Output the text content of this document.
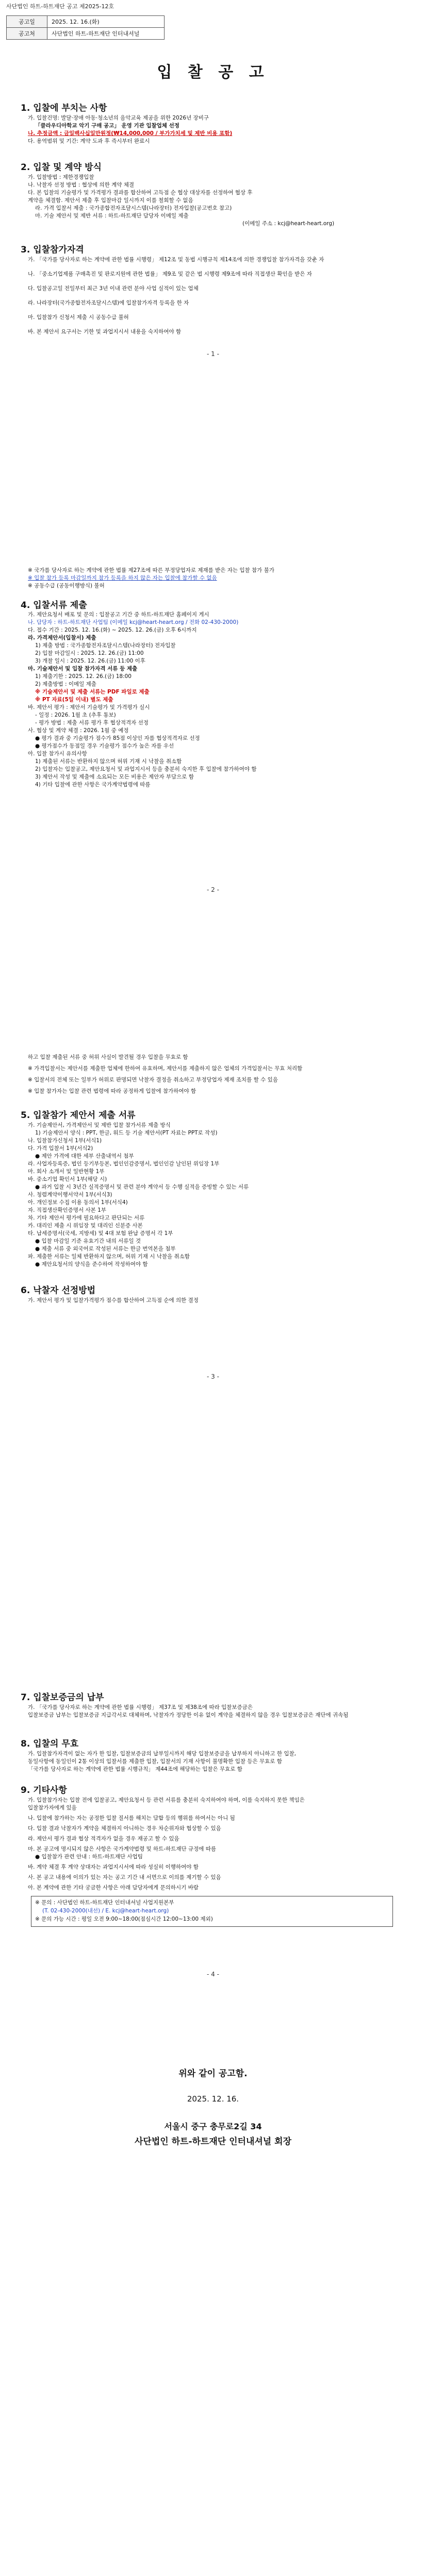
사단법인 하트-하트재단 공고 제2025-12호
공고일	2025. 12. 16.(화)
공고처	사단법인 하트-하트재단 인터내셔널
입 찰 공 고
1. 입찰에 부치는 사항
가. 입찰건명: 발달·장애 아동·청소년의 음악교육 제공을 위한 2026년 장비구
「클라우디아학교 악기 구매 공고」 운영 기관 입찰업체 선정
나. 추정금액 : 금일백사십일만원정(₩14,000,000 / 부가가치세 및 제반 비용 포함)
다. 용역범위 및 기간: 계약 도과 후 즉시부터 완료시
2. 입찰 및 계약 방식
가. 입찰방법 : 제한경쟁입찰
나. 낙찰자 선정 방법 : 협상에 의한 계약 체결
다. 본 입찰의 기술평가 및 가격평가 결과를 합산하여 고득점 순 협상 대상자를 선정하여 협상 후
계약을 체결함. 제안서 제출 후 입찰마감 일시까지 이를 철회할 수 없음
라. 가격 입찰서 제출 : 국가종합전자조달시스템(나라장터) 전자입찰(공고번호 참고)
마. 기술 제안서 및 제반 서류 : 하트-하트재단 담당자 이메일 제출
(이메일 주소 : kcj@heart-heart.org)
3. 입찰참가자격
가. 「국가를 당사자로 하는 계약에 관한 법률 시행령」 제12조 및 동법 시행규칙 제14조에 의한 경쟁입찰 참가자격을 갖춘 자
나. 「중소기업제품 구매촉진 및 판로지원에 관한 법률」 제9조 및 같은 법 시행령 제9조에 따라 직접생산 확인을 받은 자
다. 입찰공고일 전일부터 최근 3년 이내 관련 분야 사업 실적이 있는 업체
라. 나라장터(국가종합전자조달시스템)에 입찰참가자격 등록을 한 자
마. 입찰참가 신청서 제출 시 공동수급 불허
바. 본 제안서 요구서는 기한 및 과업지시서 내용을 숙지하여야 함
- 1 -
※ 국가를 당사자로 하는 계약에 관한 법률 제27조에 따른 부정당업자로 제재를 받은 자는 입찰 참가 불가
※ 입찰 참가 등록 마감일까지 참가 등록을 하지 않은 자는 입찰에 참가할 수 없음
※ 공동수급 (공동이행방식) 불허
4. 입찰서류 제출
가. 제안요청서 배포 및 문의 : 입찰공고 기간 중 하트-하트재단 홈페이지 게시
나. 담당자 : 하트-하트재단 사업팀 (이메일 kcj@heart-heart.org / 전화 02-430-2000)
다. 접수 기간 : 2025. 12. 16.(화) ~ 2025. 12. 26.(금) 오후 6시까지
라. 가격제안서(입찰서) 제출
1) 제출 방법 : 국가종합전자조달시스템(나라장터) 전자입찰
2) 입찰 마감일시 : 2025. 12. 26.(금) 11:00
3) 개찰 일시 : 2025. 12. 26.(금) 11:00 이후
마. 기술제안서 및 입찰 참가자격 서류 등 제출
1) 제출기한 : 2025. 12. 26.(금) 18:00
2) 제출방법 : 이메일 제출
※ 기술제안서 및 제출 서류는 PDF 파일로 제출
※ PT 자료(5일 이내) 별도 제출
바. 제안서 평가 : 제안서 기술평가 및 가격평가 실시
- 일정 : 2026. 1월 초 (추후 통보)
- 평가 방법 : 제출 서류 평가 후 협상적격자 선정
사. 협상 및 계약 체결 : 2026. 1월 중 예정
● 평가 결과 중 기술평가 점수가 85점 이상인 자를 협상적격자로 선정
● 평가점수가 동점일 경우 기술평가 점수가 높은 자를 우선
아. 입찰 참가시 유의사항
1) 제출된 서류는 반환하지 않으며 허위 기재 시 낙찰을 취소함
2) 입찰자는 입찰공고, 제안요청서 및 과업지시서 등을 충분히 숙지한 후 입찰에 참가하여야 함
3) 제안서 작성 및 제출에 소요되는 모든 비용은 제안자 부담으로 함
4) 기타 입찰에 관한 사항은 국가계약법령에 따름
- 2 -
하고 입찰 제출된 서류 중 허위 사실이 발견될 경우 입찰을 무효로 함
※ 가격입찰서는 제안서를 제출한 업체에 한하여 유효하며, 제안서를 제출하지 않은 업체의 가격입찰서는 무효 처리함
※ 입찰서의 전체 또는 일부가 허위로 판명되면 낙찰자 결정을 취소하고 부정당업자 제재 조치를 할 수 있음
※ 입찰 참가자는 입찰 관련 법령에 따라 공정하게 입찰에 참가하여야 함
5. 입찰참가 제안서 제출 서류
가. 기술제안서, 가격제안서 및 제반 입찰 참가서류 제출 방식
1) 기술제안서 양식 : PPT, 한글, 워드 등 기술 제안서(PT 자료는 PPT로 작성)
나. 입찰참가신청서 1부(서식1)
다. 가격 입찰서 1부(서식2)
● 제안 가격에 대한 세부 산출내역서 첨부
라. 사업자등록증, 법인 등기부등본, 법인인감증명서, 법인인감 날인된 위임장 1부
마. 회사 소개서 및 일반현황 1부
바. 중소기업 확인서 1부(해당 시)
● 과거 입찰 시 3년간 실적증명서 및 관련 분야 계약서 등 수행 실적을 증빙할 수 있는 서류
사. 청렴계약이행서약서 1부(서식3)
아. 개인정보 수집 이용 동의서 1부(서식4)
자. 직접생산확인증명서 사본 1부
차. 기타 제안서 평가에 필요하다고 판단되는 서류
카. 대리인 제출 시 위임장 및 대리인 신분증 사본
타. 납세증명서(국세, 지방세) 및 4대 보험 완납 증명서 각 1부
● 입찰 마감일 기준 유효기간 내의 서류일 것
● 제출 서류 중 외국어로 작성된 서류는 한글 번역본을 첨부
파. 제출한 서류는 일체 반환하지 않으며, 허위 기재 시 낙찰을 취소함
● 제안요청서의 양식을 준수하여 작성하여야 함
6. 낙찰자 선정방법
가. 제안서 평가 및 입찰가격평가 점수를 합산하여 고득점 순에 의한 결정
- 3 -
7. 입찰보증금의 납부
가. 「국가를 당사자로 하는 계약에 관한 법률 시행령」 제37조 및 제38조에 따라 입찰보증금은
입찰보증금 납부는 입찰보증금 지급각서로 대체하며, 낙찰자가 정당한 이유 없이 계약을 체결하지 않을 경우 입찰보증금은 재단에 귀속됨
8. 입찰의 무효
가. 입찰참가자격이 없는 자가 한 입찰, 입찰보증금의 납부일시까지 해당 입찰보증금을 납부하지 아니하고 한 입찰,
동일사항에 동일인이 2통 이상의 입찰서를 제출한 입찰, 입찰서의 기재 사항이 불명확한 입찰 등은 무효로 함
「국가를 당사자로 하는 계약에 관한 법률 시행규칙」 제44조에 해당하는 입찰은 무효로 함
9. 기타사항
가. 입찰참가자는 입찰 전에 입찰공고, 제안요청서 등 관련 서류를 충분히 숙지하여야 하며, 이를 숙지하지 못한 책임은
입찰참가자에게 있음
나. 입찰에 참가하는 자는 공정한 입찰 질서를 해치는 담합 등의 행위를 하여서는 아니 됨
다. 입찰 결과 낙찰자가 계약을 체결하지 아니하는 경우 차순위자와 협상할 수 있음
라. 제안서 평가 결과 협상 적격자가 없을 경우 재공고 할 수 있음
마. 본 공고에 명시되지 않은 사항은 국가계약법령 및 하트-하트재단 규정에 따름
● 입찰참가 관련 안내 : 하트-하트재단 사업팀
바. 계약 체결 후 계약 상대자는 과업지시서에 따라 성실히 이행하여야 함
사. 본 공고 내용에 이의가 있는 자는 공고 기간 내 서면으로 이의를 제기할 수 있음
아. 본 계약에 관한 기타 궁금한 사항은 아래 담당자에게 문의하시기 바람
※ 문의 : 사단법인 하트-하트재단 인터내셔널 사업지원본부
(T. 02-430-2000(내선) / E. kcj@heart-heart.org)
※ 문의 가능 시간 : 평일 오전 9:00~18:00(점심시간 12:00~13:00 제외)
- 4 -
위와 같이 공고함.
2025. 12. 16.
서울시 중구 충무로2길 34
사단법인 하트-하트재단 인터내셔널 회장
